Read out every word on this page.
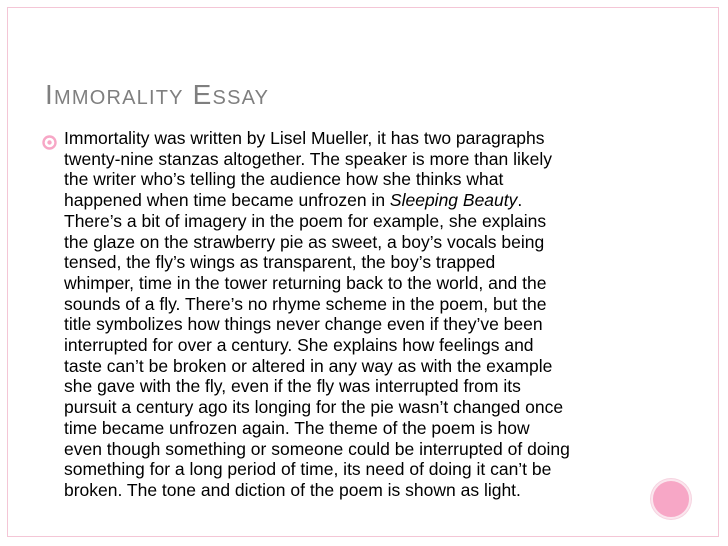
Immorality Essay

Immortality was written by Lisel Mueller, it has two paragraphs
twenty-nine stanzas altogether. The speaker is more than likely
the writer who’s telling the audience how she thinks what
happened when time became unfrozen in Sleeping Beauty.
There’s a bit of imagery in the poem for example, she explains
the glaze on the strawberry pie as sweet, a boy’s vocals being
tensed, the fly’s wings as transparent, the boy’s trapped
whimper, time in the tower returning back to the world, and the
sounds of a fly. There’s no rhyme scheme in the poem, but the
title symbolizes how things never change even if they’ve been
interrupted for over a century. She explains how feelings and
taste can’t be broken or altered in any way as with the example
she gave with the fly, even if the fly was interrupted from its
pursuit a century ago its longing for the pie wasn’t changed once
time became unfrozen again. The theme of the poem is how
even though something or someone could be interrupted of doing
something for a long period of time, its need of doing it can’t be
broken. The tone and diction of the poem is shown as light.
